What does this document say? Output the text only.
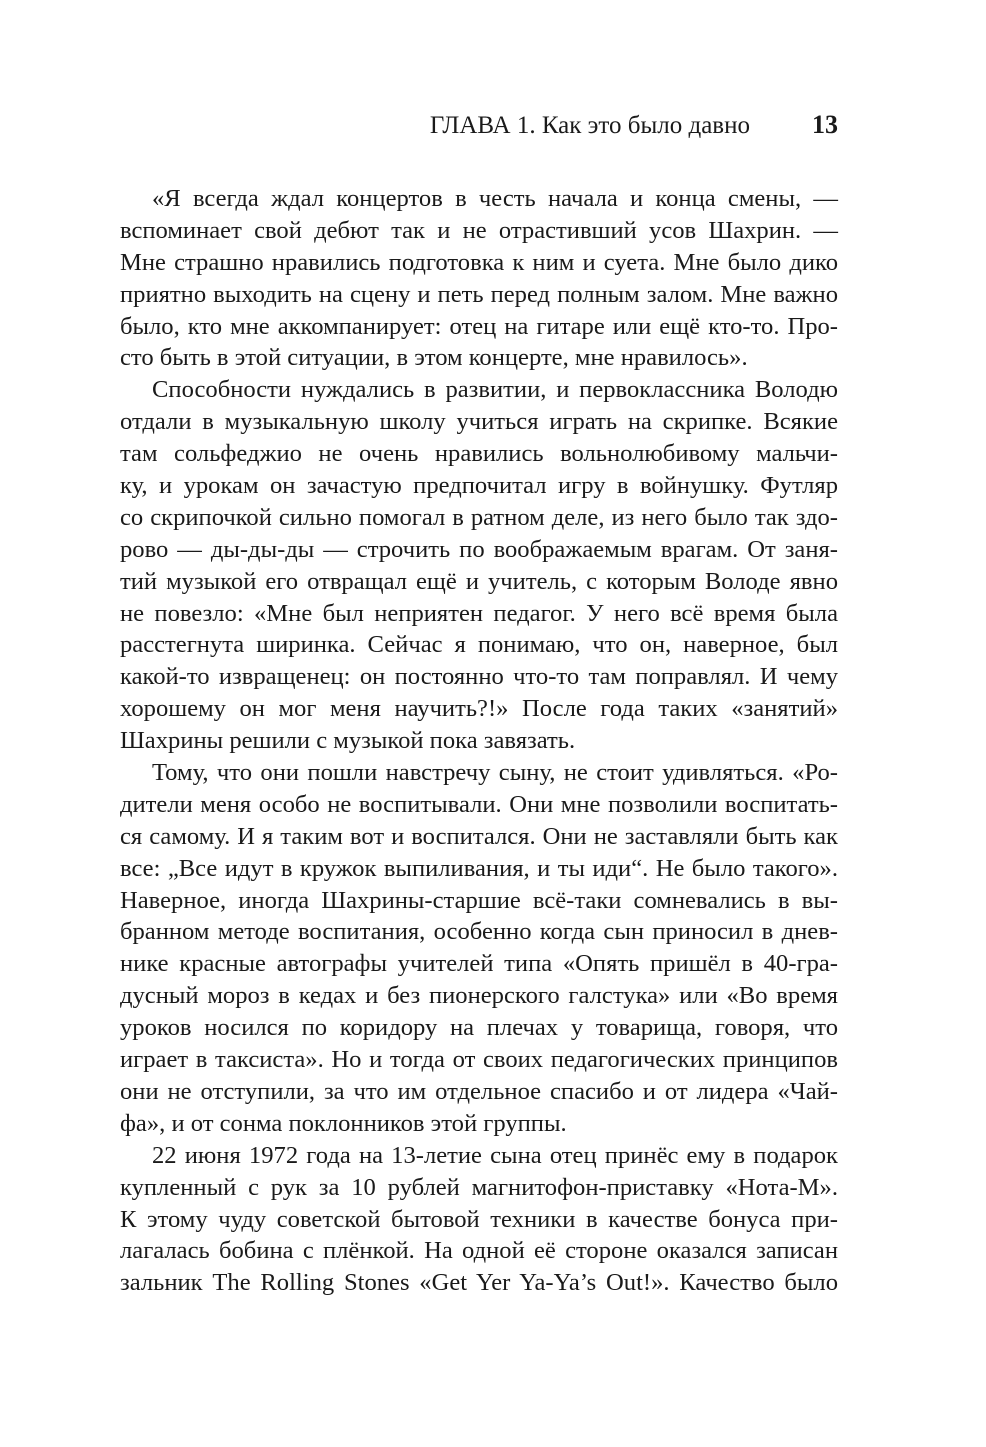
ГЛАВА 1. Как это было давно 13
«Я всегда ждал концертов в честь начала и конца смены, —
вспоминает свой дебют так и не отрастивший усов Шахрин. —
Мне страшно нравились подготовка к ним и суета. Мне было дико
приятно выходить на сцену и петь перед полным залом. Мне важно
было, кто мне аккомпанирует: отец на гитаре или ещё кто-то. Про-
сто быть в этой ситуации, в этом концерте, мне нравилось».
Способности нуждались в развитии, и первоклассника Володю
отдали в музыкальную школу учиться играть на скрипке. Всякие
там сольфеджио не очень нравились вольнолюбивому мальчи-
ку, и урокам он зачастую предпочитал игру в войнушку. Футляр
со скрипочкой сильно помогал в ратном деле, из него было так здо-
рово — ды-ды-ды — строчить по воображаемым врагам. От заня-
тий музыкой его отвращал ещё и учитель, с которым Володе явно
не повезло: «Мне был неприятен педагог. У него всё время была
расстегнута ширинка. Сейчас я понимаю, что он, наверное, был
какой-то извращенец: он постоянно что-то там поправлял. И чему
хорошему он мог меня научить?!» После года таких «занятий»
Шахрины решили с музыкой пока завязать.
Тому, что они пошли навстречу сыну, не стоит удивляться. «Ро-
дители меня особо не воспитывали. Они мне позволили воспитать-
ся самому. И я таким вот и воспитался. Они не заставляли быть как
все: „Все идут в кружок выпиливания, и ты иди“. Не было такого».
Наверное, иногда Шахрины-старшие всё-таки сомневались в вы-
бранном методе воспитания, особенно когда сын приносил в днев-
нике красные автографы учителей типа «Опять пришёл в 40-гра-
дусный мороз в кедах и без пионерского галстука» или «Во время
уроков носился по коридору на плечах у товарища, говоря, что
играет в таксиста». Но и тогда от своих педагогических принципов
они не отступили, за что им отдельное спасибо и от лидера «Чай-
фа», и от сонма поклонников этой группы.
22 июня 1972 года на 13-летие сына отец принёс ему в подарок
купленный с рук за 10 рублей магнитофон-приставку «Нота-М».
К этому чуду советской бытовой техники в качестве бонуса при-
лагалась бобина с плёнкой. На одной её стороне оказался записан
зальник The Rolling Stones «Get Yer Ya-Ya’s Out!». Качество было
